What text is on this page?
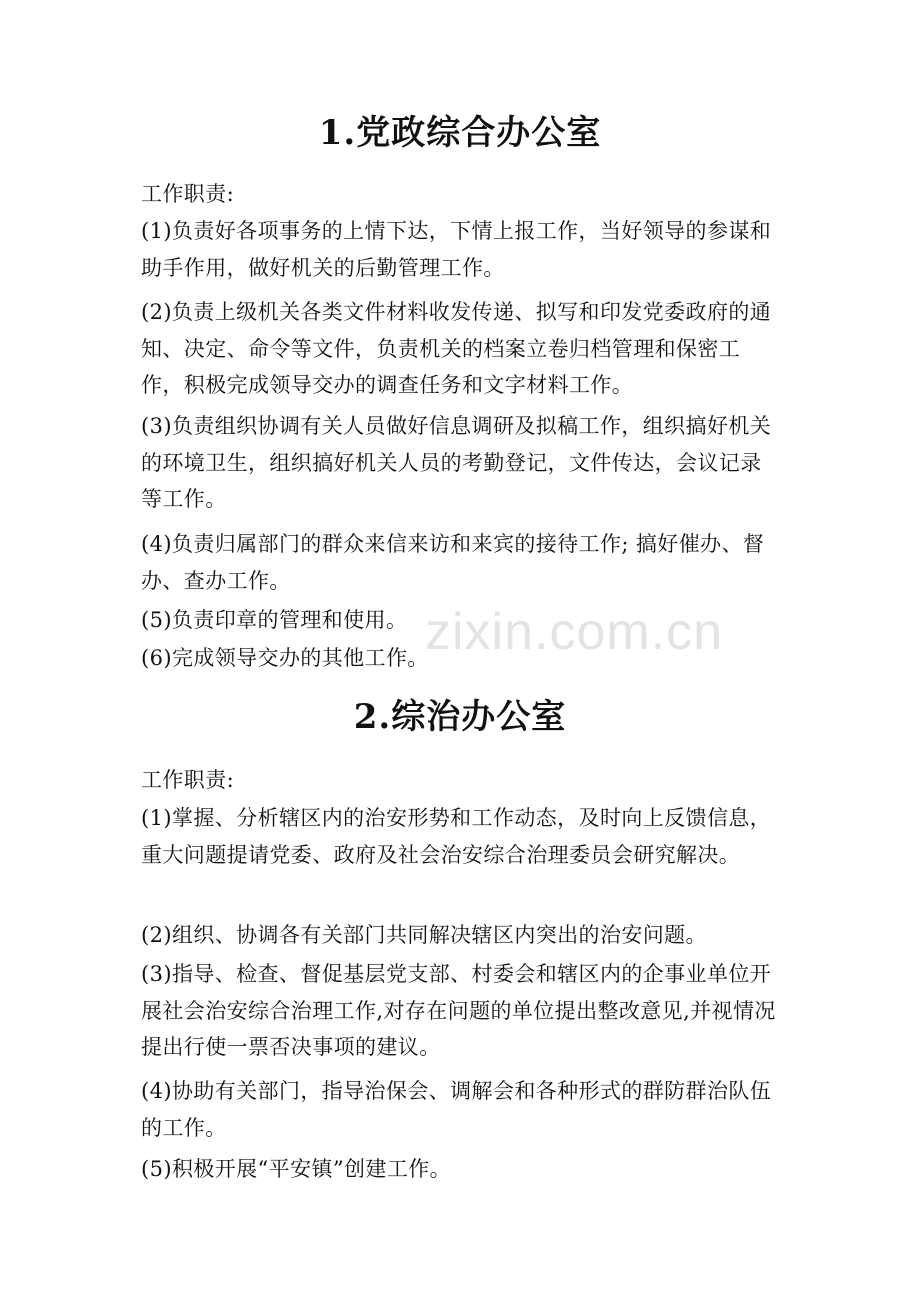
1.党政综合办公室

工作职责:

(1)负责好各项事务的上情下达，下情上报工作，当好领导的参谋和助手作用，做好机关的后勤管理工作。

(2)负责上级机关各类文件材料收发传递、拟写和印发党委政府的通知、决定、命令等文件，负责机关的档案立卷归档管理和保密工作，积极完成领导交办的调查任务和文字材料工作。

(3)负责组织协调有关人员做好信息调研及拟稿工作，组织搞好机关的环境卫生，组织搞好机关人员的考勤登记，文件传达，会议记录等工作。

(4)负责归属部门的群众来信来访和来宾的接待工作; 搞好催办、督办、查办工作。

(5)负责印章的管理和使用。

(6)完成领导交办的其他工作。

zixin.com.cn
2.综治办公室

工作职责:

(1)掌握、分析辖区内的治安形势和工作动态，及时向上反馈信息，重大问题提请党委、政府及社会治安综合治理委员会研究解决。

(2)组织、协调各有关部门共同解决辖区内突出的治安问题。

(3)指导、检查、督促基层党支部、村委会和辖区内的企事业单位开展社会治安综合治理工作,对存在问题的单位提出整改意见,并视情况提出行使一票否决事项的建议。

(4)协助有关部门，指导治保会、调解会和各种形式的群防群治队伍的工作。

(5)积极开展“平安镇”创建工作。
